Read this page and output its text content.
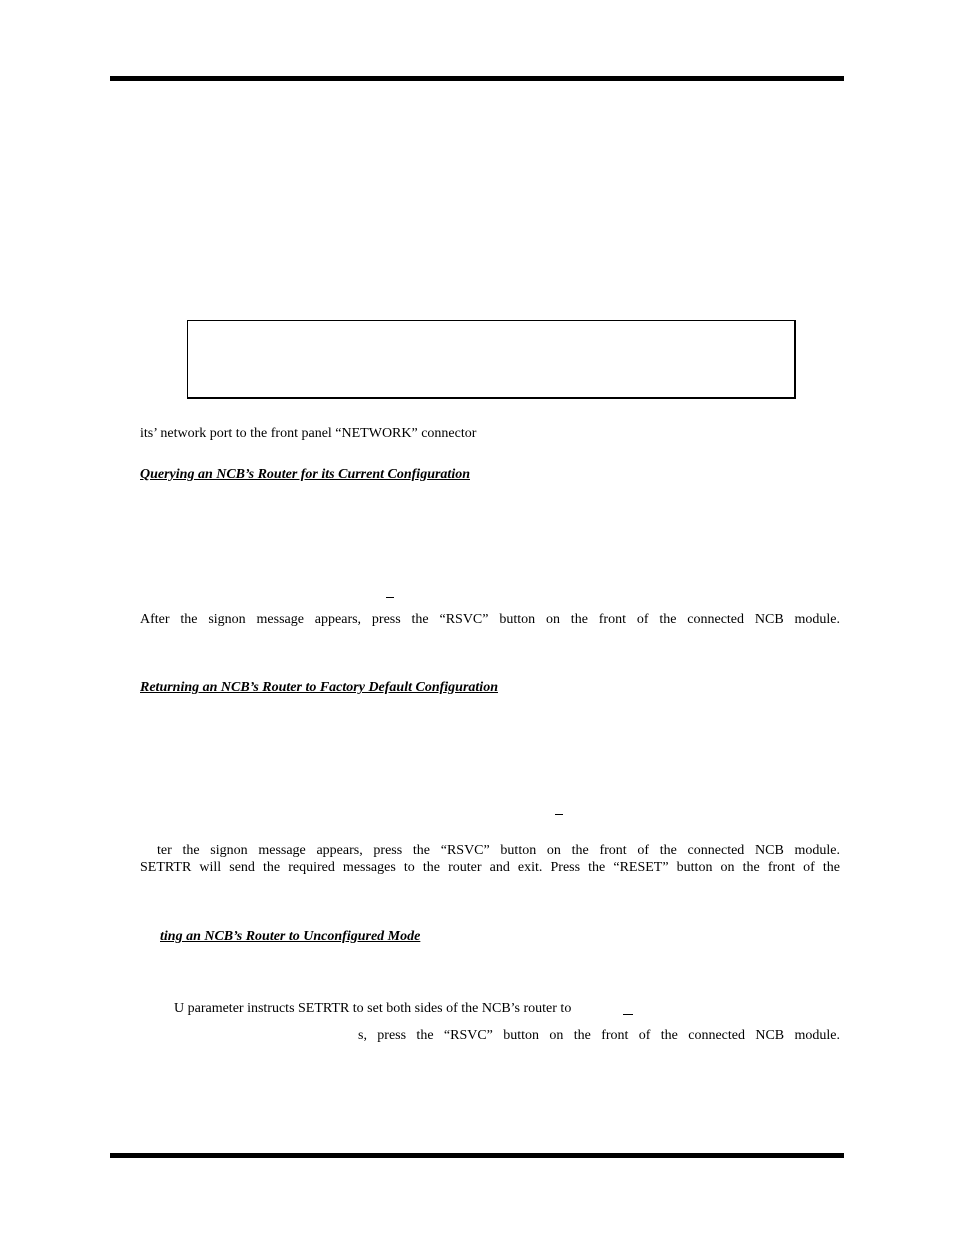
its’ network port to the front panel “NETWORK” connector
Querying an NCB’s Router for its Current Configuration
After the signon message appears, press the “RSVC” button on the front of the connected NCB module.
Returning an NCB’s Router to Factory Default Configuration
ter the signon message appears, press the “RSVC” button on the front of the connected NCB module.
SETRTR will send the required messages to the router and exit. Press the “RESET” button on the front of the
ting an NCB’s Router to Unconfigured Mode
U parameter instructs SETRTR to set both sides of the NCB’s router to
s, press the “RSVC” button on the front of the connected NCB module.
